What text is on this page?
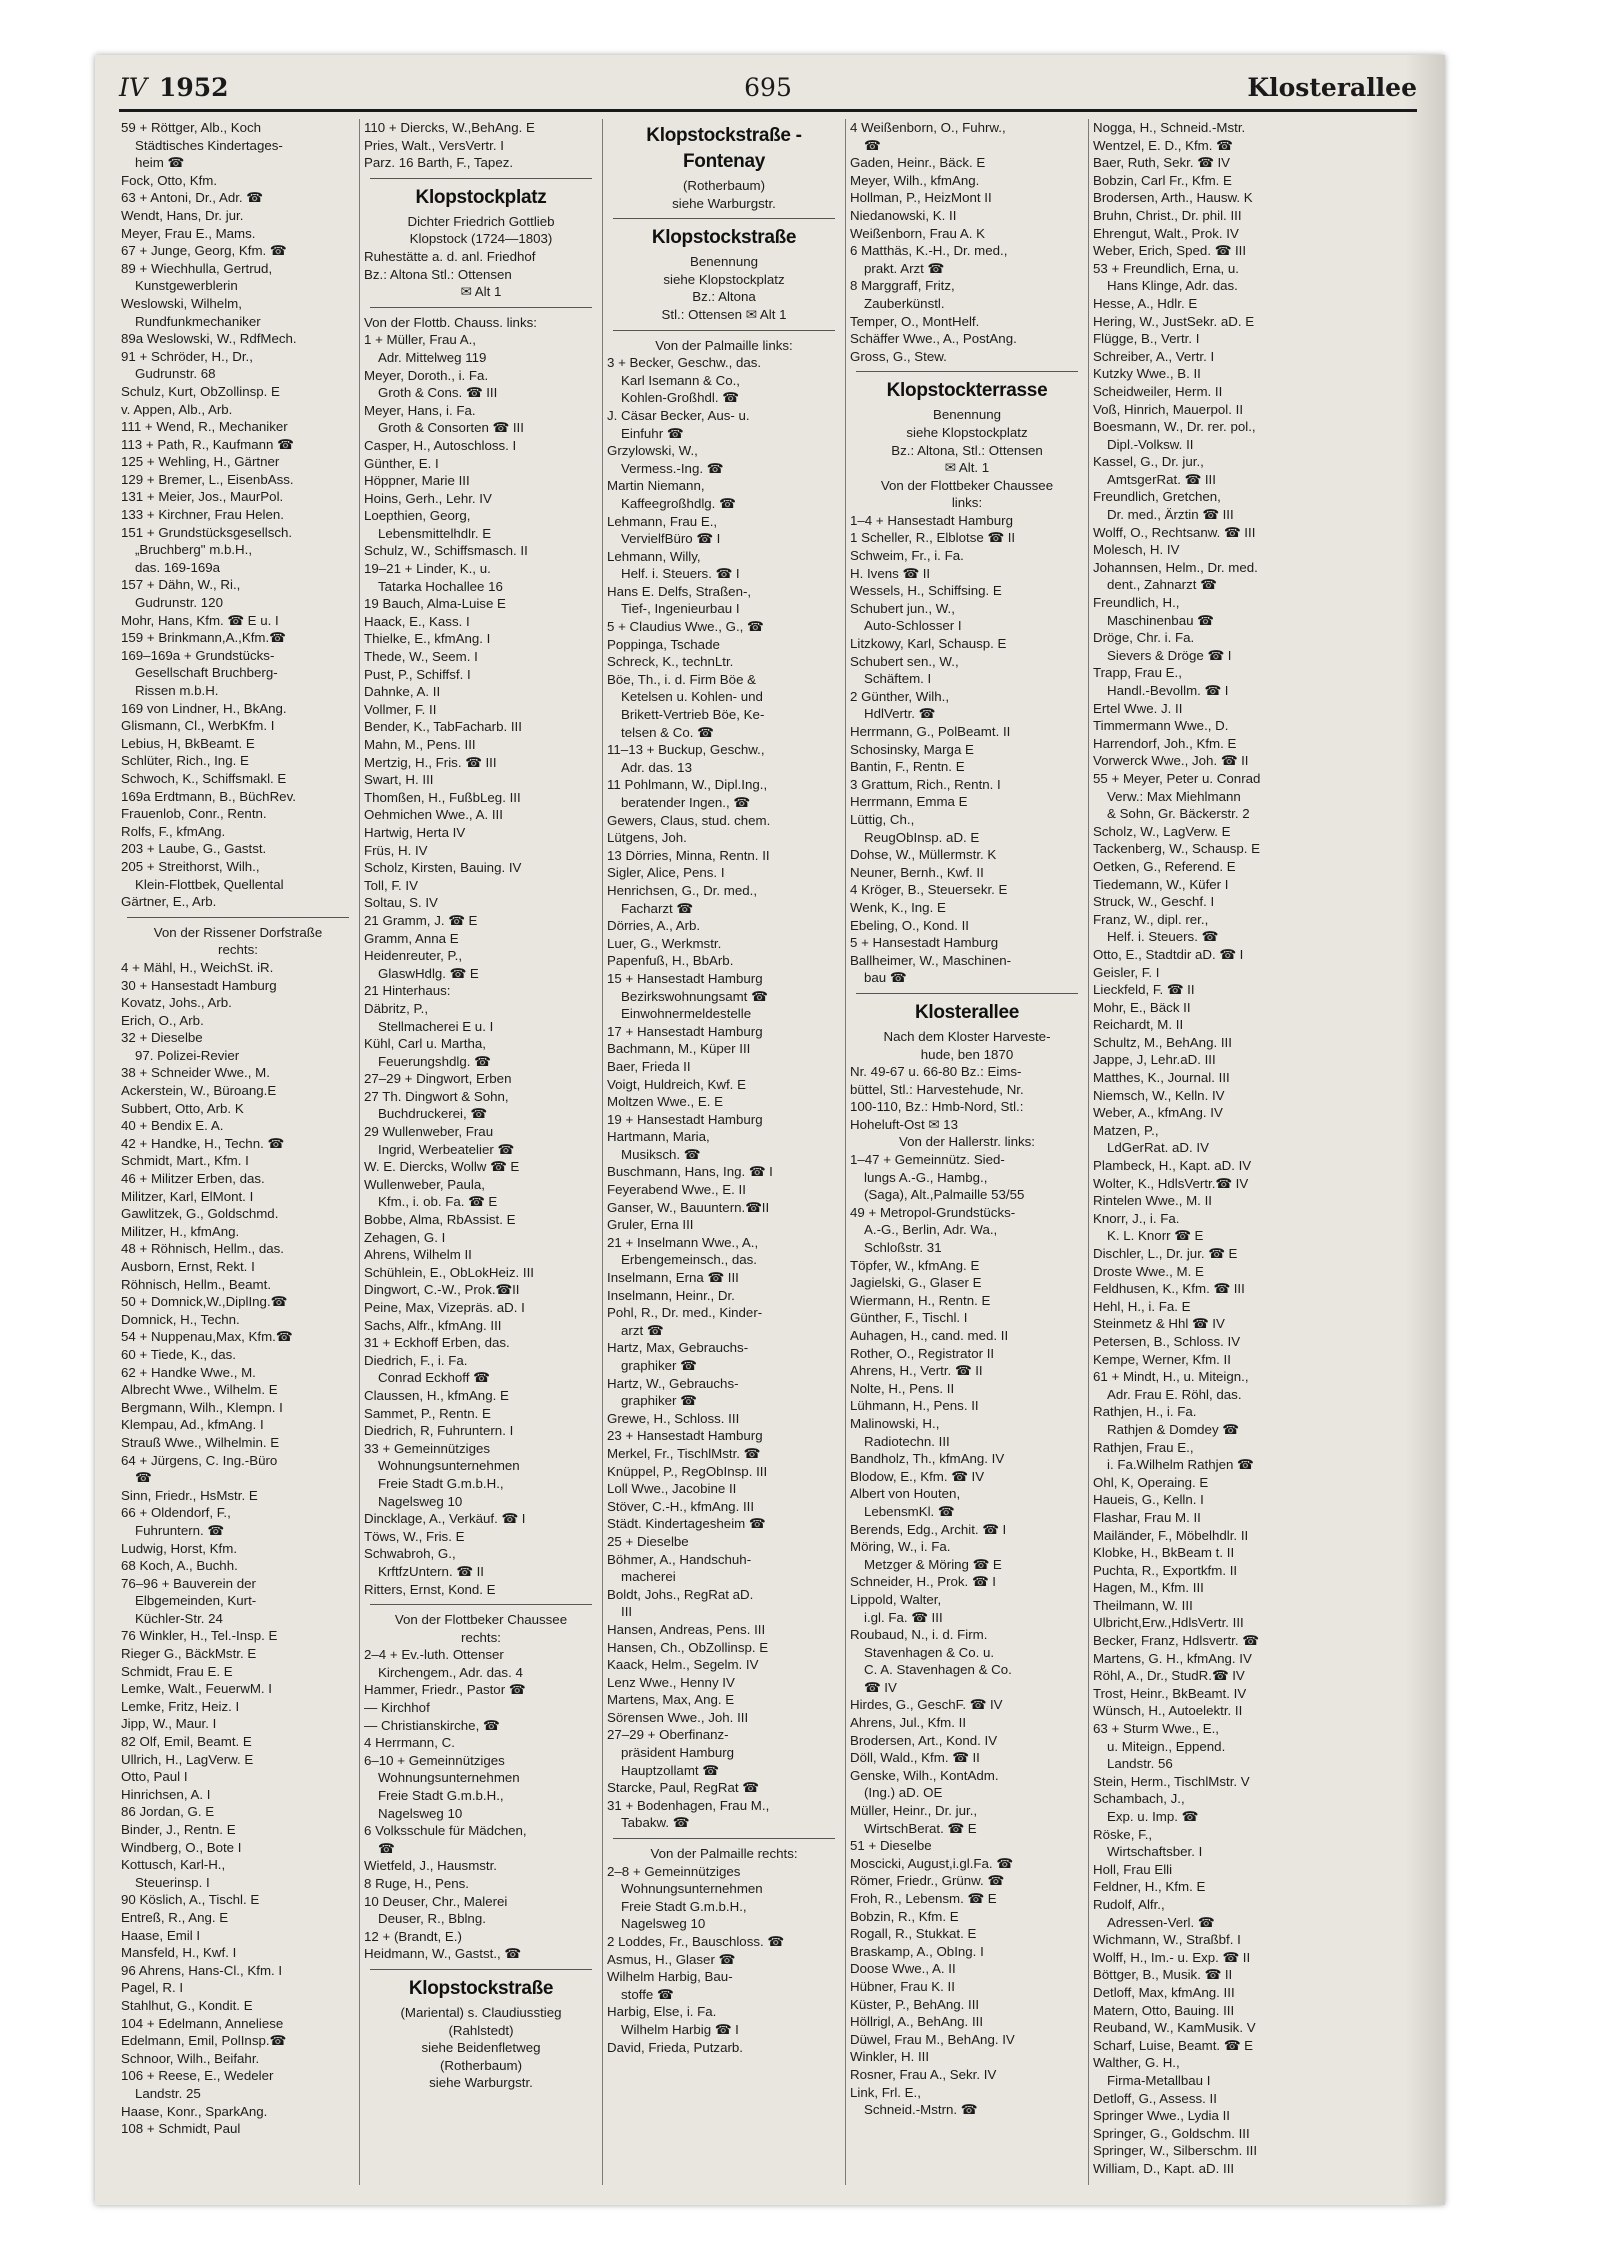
IV 1952	695	Klosterallee
59 + Röttger, Alb., Koch
Städtisches Kindertages-
heim ☎
Fock, Otto, Kfm.
63 + Antoni, Dr., Adr. ☎
Wendt, Hans, Dr. jur.
Meyer, Frau E., Mams.
67 + Junge, Georg, Kfm. ☎
89 + Wiechhulla, Gertrud,
Kunstgewerblerin
Weslowski, Wilhelm,
Rundfunkmechaniker
89a Weslowski, W., RdfMech.
91 + Schröder, H., Dr.,
Gudrunstr. 68
Schulz, Kurt, ObZollinsp. E
v. Appen, Alb., Arb.
111 + Wend, R., Mechaniker
113 + Path, R., Kaufmann ☎
125 + Wehling, H., Gärtner
129 + Bremer, L., EisenbAss.
131 + Meier, Jos., MaurPol.
133 + Kirchner, Frau Helen.
151 + Grundstücksgesellsch.
„Bruchberg" m.b.H.,
das. 169-169a
157 + Dähn, W., Ri.,
Gudrunstr. 120
Mohr, Hans, Kfm. ☎ E u. I
159 + Brinkmann,A.,Kfm.☎
169–169a + Grundstücks-
Gesellschaft Bruchberg-
Rissen m.b.H.
169 von Lindner, H., BkAng.
Glismann, Cl., WerbKfm. I
Lebius, H, BkBeamt. E
Schlüter, Rich., Ing. E
Schwoch, K., Schiffsmakl. E
169a Erdtmann, B., BüchRev.
Frauenlob, Conr., Rentn.
Rolfs, F., kfmAng.
203 + Laube, G., Gastst.
205 + Streithorst, Wilh.,
Klein-Flottbek, Quellental
Gärtner, E., Arb.
Von der Rissener Dorfstraße
rechts:
4 + Mähl, H., WeichSt. iR.
30 + Hansestadt Hamburg
Kovatz, Johs., Arb.
Erich, O., Arb.
32 + Dieselbe
97. Polizei-Revier
38 + Schneider Wwe., M.
Ackerstein, W., Büroang.E
Subbert, Otto, Arb. K
40 + Bendix E. A.
42 + Handke, H., Techn. ☎
Schmidt, Mart., Kfm. I
46 + Militzer Erben, das.
Militzer, Karl, ElMont. I
Gawlitzek, G., Goldschmd.
Militzer, H., kfmAng.
48 + Röhnisch, Hellm., das.
Ausborn, Ernst, Rekt. I
Röhnisch, Hellm., Beamt.
50 + Domnick,W.,DiplIng.☎
Domnick, H., Techn.
54 + Nuppenau,Max, Kfm.☎
60 + Tiede, K., das.
62 + Handke Wwe., M.
Albrecht Wwe., Wilhelm. E
Bergmann, Wilh., Klempn. I
Klempau, Ad., kfmAng. I
Strauß Wwe., Wilhelmin. E
64 + Jürgens, C. Ing.-Büro
☎
Sinn, Friedr., HsMstr. E
66 + Oldendorf, F.,
Fuhruntern. ☎
Ludwig, Horst, Kfm.
68 Koch, A., Buchh.
76–96 + Bauverein der
Elbgemeinden, Kurt-
Küchler-Str. 24
76 Winkler, H., Tel.-Insp. E
Rieger G., BäckMstr. E
Schmidt, Frau E. E
Lemke, Walt., FeuerwM. I
Lemke, Fritz, Heiz. I
Jipp, W., Maur. I
82 Olf, Emil, Beamt. E
Ullrich, H., LagVerw. E
Otto, Paul I
Hinrichsen, A. I
86 Jordan, G. E
Binder, J., Rentn. E
Windberg, O., Bote I
Kottusch, Karl-H.,
Steuerinsp. I
90 Köslich, A., Tischl. E
Entreß, R., Ang. E
Haase, Emil I
Mansfeld, H., Kwf. I
96 Ahrens, Hans-Cl., Kfm. I
Pagel, R. I
Stahlhut, G., Kondit. E
104 + Edelmann, Anneliese
Edelmann, Emil, PolInsp.☎
Schnoor, Wilh., Beifahr.
106 + Reese, E., Wedeler
Landstr. 25
Haase, Konr., SparkAng.
108 + Schmidt, Paul
110 + Diercks, W.,BehAng. E
Pries, Walt., VersVertr. I
Parz. 16 Barth, F., Tapez.
Klopstockplatz
Dichter Friedrich Gottlieb
Klopstock (1724—1803)
Ruhestätte a. d. anl. Friedhof
Bz.: Altona Stl.: Ottensen
✉ Alt 1
Von der Flottb. Chauss. links:
1 + Müller, Frau A.,
Adr. Mittelweg 119
Meyer, Doroth., i. Fa.
Groth & Cons. ☎ III
Meyer, Hans, i. Fa.
Groth & Consorten ☎ III
Casper, H., Autoschloss. I
Günther, E. I
Höppner, Marie III
Hoins, Gerh., Lehr. IV
Loepthien, Georg,
Lebensmittelhdlr. E
Schulz, W., Schiffsmasch. II
19–21 + Linder, K., u.
Tatarka Hochallee 16
19 Bauch, Alma-Luise E
Haack, E., Kass. I
Thielke, E., kfmAng. I
Thede, W., Seem. I
Pust, P., Schiffsf. I
Dahnke, A. II
Vollmer, F. II
Bender, K., TabFacharb. III
Mahn, M., Pens. III
Mertzig, H., Fris. ☎ III
Swart, H. III
Thomßen, H., FußbLeg. III
Oehmichen Wwe., A. III
Hartwig, Herta IV
Früs, H. IV
Scholz, Kirsten, Bauing. IV
Toll, F. IV
Soltau, S. IV
21 Gramm, J. ☎ E
Gramm, Anna E
Heidenreuter, P.,
GlaswHdlg. ☎ E
21 Hinterhaus:
Däbritz, P.,
Stellmacherei E u. I
Kühl, Carl u. Martha,
Feuerungshdlg. ☎
27–29 + Dingwort, Erben
27 Th. Dingwort & Sohn,
Buchdruckerei, ☎
29 Wullenweber, Frau
Ingrid, Werbeatelier ☎
W. E. Diercks, Wollw ☎ E
Wullenweber, Paula,
Kfm., i. ob. Fa. ☎ E
Bobbe, Alma, RbAssist. E
Zehagen, G. I
Ahrens, Wilhelm II
Schühlein, E., ObLokHeiz. III
Dingwort, C.-W., Prok.☎II
Peine, Max, Vizepräs. aD. I
Sachs, Alfr., kfmAng. III
31 + Eckhoff Erben, das.
Diedrich, F., i. Fa.
Conrad Eckhoff ☎
Claussen, H., kfmAng. E
Sammet, P., Rentn. E
Diedrich, R, Fuhruntern. I
33 + Gemeinnütziges
Wohnungsunternehmen
Freie Stadt G.m.b.H.,
Nagelsweg 10
Dincklage, A., Verkäuf. ☎ I
Töws, W., Fris. E
Schwabroh, G.,
KrftfzUntern. ☎ II
Ritters, Ernst, Kond. E
Von der Flottbeker Chaussee
rechts:
2–4 + Ev.-luth. Ottenser
Kirchengem., Adr. das. 4
Hammer, Friedr., Pastor ☎
— Kirchhof
— Christianskirche, ☎
4 Herrmann, C.
6–10 + Gemeinnütziges
Wohnungsunternehmen
Freie Stadt G.m.b.H.,
Nagelsweg 10
6 Volksschule für Mädchen,
☎
Wietfeld, J., Hausmstr.
8 Ruge, H., Pens.
10 Deuser, Chr., Malerei
Deuser, R., Bblng.
12 + (Brandt, E.)
Heidmann, W., Gastst., ☎
Klopstockstraße
(Mariental) s. Claudiusstieg
(Rahlstedt)
siehe Beidenfletweg
(Rotherbaum)
siehe Warburgstr.
Klopstockstraße - Fontenay
(Rotherbaum)
siehe Warburgstr.
Klopstockstraße
Benennung
siehe Klopstockplatz
Bz.: Altona
Stl.: Ottensen ✉ Alt 1
Von der Palmaille links:
3 + Becker, Geschw., das.
Karl Isemann & Co.,
Kohlen-Großhdl. ☎
J. Cäsar Becker, Aus- u.
Einfuhr ☎
Grzylowski, W.,
Vermess.-Ing. ☎
Martin Niemann,
Kaffeegroßhdlg. ☎
Lehmann, Frau E.,
VervielfBüro ☎ I
Lehmann, Willy,
Helf. i. Steuers. ☎ I
Hans E. Delfs, Straßen-,
Tief-, Ingenieurbau I
5 + Claudius Wwe., G., ☎
Poppinga, Tschade
Schreck, K., technLtr.
Böe, Th., i. d. Firm Böe &
Ketelsen u. Kohlen- und
Brikett-Vertrieb Böe, Ke-
telsen & Co. ☎
11–13 + Buckup, Geschw.,
Adr. das. 13
11 Pohlmann, W., Dipl.Ing.,
beratender Ingen., ☎
Gewers, Claus, stud. chem.
Lütgens, Joh.
13 Dörries, Minna, Rentn. II
Sigler, Alice, Pens. I
Henrichsen, G., Dr. med.,
Facharzt ☎
Dörries, A., Arb.
Luer, G., Werkmstr.
Papenfuß, H., BbArb.
15 + Hansestadt Hamburg
Bezirkswohnungsamt ☎
Einwohnermeldestelle
17 + Hansestadt Hamburg
Bachmann, M., Küper III
Baer, Frieda II
Voigt, Huldreich, Kwf. E
Moltzen Wwe., E. E
19 + Hansestadt Hamburg
Hartmann, Maria,
Musiksch. ☎
Buschmann, Hans, Ing. ☎ I
Feyerabend Wwe., E. II
Ganser, W., Bauuntern.☎II
Gruler, Erna III
21 + Inselmann Wwe., A.,
Erbengemeinsch., das.
Inselmann, Erna ☎ III
Inselmann, Heinr., Dr.
Pohl, R., Dr. med., Kinder-
arzt ☎
Hartz, Max, Gebrauchs-
graphiker ☎
Hartz, W., Gebrauchs-
graphiker ☎
Grewe, H., Schloss. III
23 + Hansestadt Hamburg
Merkel, Fr., TischlMstr. ☎
Knüppel, P., RegObInsp. III
Loll Wwe., Jacobine II
Stöver, C.-H., kfmAng. III
Städt. Kindertagesheim ☎
25 + Dieselbe
Böhmer, A., Handschuh-
macherei
Boldt, Johs., RegRat aD.
III
Hansen, Andreas, Pens. III
Hansen, Ch., ObZollinsp. E
Kaack, Helm., Segelm. IV
Lenz Wwe., Henny IV
Martens, Max, Ang. E
Sörensen Wwe., Joh. III
27–29 + Oberfinanz-
präsident Hamburg
Hauptzollamt ☎
Starcke, Paul, RegRat ☎
31 + Bodenhagen, Frau M.,
Tabakw. ☎
Von der Palmaille rechts:
2–8 + Gemeinnütziges
Wohnungsunternehmen
Freie Stadt G.m.b.H.,
Nagelsweg 10
2 Loddes, Fr., Bauschloss. ☎
Asmus, H., Glaser ☎
Wilhelm Harbig, Bau-
stoffe ☎
Harbig, Else, i. Fa.
Wilhelm Harbig ☎ I
David, Frieda, Putzarb.
4 Weißenborn, O., Fuhrw.,
☎
Gaden, Heinr., Bäck. E
Meyer, Wilh., kfmAng.
Hollman, P., HeizMont II
Niedanowski, K. II
Weißenborn, Frau A. K
6 Matthäs, K.-H., Dr. med.,
prakt. Arzt ☎
8 Marggraff, Fritz,
Zauberkünstl.
Temper, O., MontHelf.
Schäffer Wwe., A., PostAng.
Gross, G., Stew.
Klopstockterrasse
Benennung
siehe Klopstockplatz
Bz.: Altona, Stl.: Ottensen
✉ Alt. 1
Von der Flottbeker Chaussee
links:
1–4 + Hansestadt Hamburg
1 Scheller, R., Elblotse ☎ II
Schweim, Fr., i. Fa.
H. Ivens ☎ II
Wessels, H., Schiffsing. E
Schubert jun., W.,
Auto-Schlosser I
Litzkowy, Karl, Schausp. E
Schubert sen., W.,
Schäftem. I
2 Günther, Wilh.,
HdlVertr. ☎
Herrmann, G., PolBeamt. II
Schosinsky, Marga E
Bantin, F., Rentn. E
3 Grattum, Rich., Rentn. I
Herrmann, Emma E
Lüttig, Ch.,
ReugObInsp. aD. E
Dohse, W., Müllermstr. K
Neuner, Bernh., Kwf. II
4 Kröger, B., Steuersekr. E
Wenk, K., Ing. E
Ebeling, O., Kond. II
5 + Hansestadt Hamburg
Ballheimer, W., Maschinen-
bau ☎
Klosterallee
Nach dem Kloster Harveste-
hude, ben 1870
Nr. 49-67 u. 66-80 Bz.: Eims-
büttel, Stl.: Harvestehude, Nr.
100-110, Bz.: Hmb-Nord, Stl.:
Hoheluft-Ost ✉ 13
Von der Hallerstr. links:
1–47 + Gemeinnütz. Sied-
lungs A.-G., Hambg.,
(Saga), Alt.,Palmaille 53/55
49 + Metropol-Grundstücks-
A.-G., Berlin, Adr. Wa.,
Schloßstr. 31
Töpfer, W., kfmAng. E
Jagielski, G., Glaser E
Wiermann, H., Rentn. E
Günther, F., Tischl. I
Auhagen, H., cand. med. II
Rother, O., Registrator II
Ahrens, H., Vertr. ☎ II
Nolte, H., Pens. II
Lühmann, H., Pens. II
Malinowski, H.,
Radiotechn. III
Bandholz, Th., kfmAng. IV
Blodow, E., Kfm. ☎ IV
Albert von Houten,
LebensmKl. ☎
Berends, Edg., Archit. ☎ I
Möring, W., i. Fa.
Metzger & Möring ☎ E
Schneider, H., Prok. ☎ I
Lippold, Walter,
i.gl. Fa. ☎ III
Roubaud, N., i. d. Firm.
Stavenhagen & Co. u.
C. A. Stavenhagen & Co.
☎ IV
Hirdes, G., GeschF. ☎ IV
Ahrens, Jul., Kfm. II
Brodersen, Art., Kond. IV
Döll, Wald., Kfm. ☎ II
Genske, Wilh., KontAdm.
(Ing.) aD. OE
Müller, Heinr., Dr. jur.,
WirtschBerat. ☎ E
51 + Dieselbe
Moscicki, August,i.gl.Fa. ☎
Römer, Friedr., Grünw. ☎
Froh, R., Lebensm. ☎ E
Bobzin, R., Kfm. E
Rogall, R., Stukkat. E
Braskamp, A., ObIng. I
Doose Wwe., A. II
Hübner, Frau K. II
Küster, P., BehAng. III
Höllrigl, A., BehAng. III
Düwel, Frau M., BehAng. IV
Winkler, H. III
Rosner, Frau A., Sekr. IV
Link, Frl. E.,
Schneid.-Mstrn. ☎
Nogga, H., Schneid.-Mstr.
Wentzel, E. D., Kfm. ☎
Baer, Ruth, Sekr. ☎ IV
Bobzin, Carl Fr., Kfm. E
Brodersen, Arth., Hausw. K
Bruhn, Christ., Dr. phil. III
Ehrengut, Walt., Prok. IV
Weber, Erich, Sped. ☎ III
53 + Freundlich, Erna, u.
Hans Klinge, Adr. das.
Hesse, A., Hdlr. E
Hering, W., JustSekr. aD. E
Flügge, B., Vertr. I
Schreiber, A., Vertr. I
Kutzky Wwe., B. II
Scheidweiler, Herm. II
Voß, Hinrich, Mauerpol. II
Boesmann, W., Dr. rer. pol.,
Dipl.-Volksw. II
Kassel, G., Dr. jur.,
AmtsgerRat. ☎ III
Freundlich, Gretchen,
Dr. med., Ärztin ☎ III
Wolff, O., Rechtsanw. ☎ III
Molesch, H. IV
Johannsen, Helm., Dr. med.
dent., Zahnarzt ☎
Freundlich, H.,
Maschinenbau ☎
Dröge, Chr. i. Fa.
Sievers & Dröge ☎ I
Trapp, Frau E.,
Handl.-Bevollm. ☎ I
Ertel Wwe. J. II
Timmermann Wwe., D.
Harrendorf, Joh., Kfm. E
Vorwerck Wwe., Joh. ☎ II
55 + Meyer, Peter u. Conrad
Verw.: Max Miehlmann
& Sohn, Gr. Bäckerstr. 2
Scholz, W., LagVerw. E
Tackenberg, W., Schausp. E
Oetken, G., Referend. E
Tiedemann, W., Küfer I
Struck, W., Geschf. I
Franz, W., dipl. rer.,
Helf. i. Steuers. ☎
Otto, E., Stadtdir aD. ☎ I
Geisler, F. I
Lieckfeld, F. ☎ II
Mohr, E., Bäck II
Reichardt, M. II
Schultz, M., BehAng. III
Jappe, J, Lehr.aD. III
Matthes, K., Journal. III
Niemsch, W., Kelln. IV
Weber, A., kfmAng. IV
Matzen, P.,
LdGerRat. aD. IV
Plambeck, H., Kapt. aD. IV
Wolter, K., HdlsVertr.☎ IV
Rintelen Wwe., M. II
Knorr, J., i. Fa.
K. L. Knorr ☎ E
Dischler, L., Dr. jur. ☎ E
Droste Wwe., M. E
Feldhusen, K., Kfm. ☎ III
Hehl, H., i. Fa. E
Steinmetz & Hhl ☎ IV
Petersen, B., Schloss. IV
Kempe, Werner, Kfm. II
61 + Mindt, H., u. Miteign.,
Adr. Frau E. Röhl, das.
Rathjen, H., i. Fa.
Rathjen & Domdey ☎
Rathjen, Frau E.,
i. Fa.Wilhelm Rathjen ☎
Ohl, K, Operaing. E
Haueis, G., Kelln. I
Flashar, Frau M. II
Mailänder, F., Möbelhdlr. II
Klobke, H., BkBeam t. II
Puchta, R., Exportkfm. II
Hagen, M., Kfm. III
Theilmann, W. III
Ulbricht,Erw.,HdlsVertr. III
Becker, Franz, Hdlsvertr. ☎
Martens, G. H., kfmAng. IV
Röhl, A., Dr., StudR.☎ IV
Trost, Heinr., BkBeamt. IV
Wünsch, H., Autoelektr. II
63 + Sturm Wwe., E.,
u. Miteign., Eppend.
Landstr. 56
Stein, Herm., TischlMstr. V
Schambach, J.,
Exp. u. Imp. ☎
Röske, F.,
Wirtschaftsber. I
Holl, Frau Elli
Feldner, H., Kfm. E
Rudolf, Alfr.,
Adressen-Verl. ☎
Wichmann, W., Straßbf. I
Wolff, H., Im.- u. Exp. ☎ II
Böttger, B., Musik. ☎ II
Detloff, Max, kfmAng. III
Matern, Otto, Bauing. III
Reuband, W., KamMusik. V
Scharf, Luise, Beamt. ☎ E
Walther, G. H.,
Firma-Metallbau I
Detloff, G., Assess. II
Springer Wwe., Lydia II
Springer, G., Goldschm. III
Springer, W., Silberschm. III
William, D., Kapt. aD. III
